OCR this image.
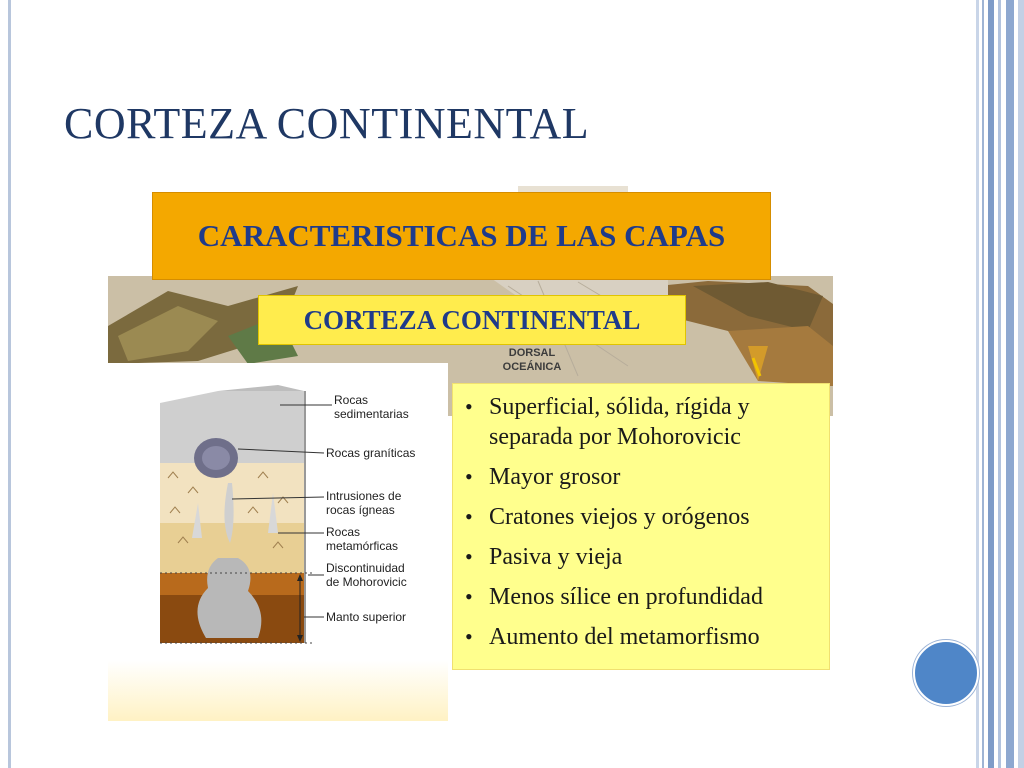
CORTEZA CONTINENTAL
CARACTERISTICAS DE LAS CAPAS
CORTEZA CONTINENTAL
DORSAL
OCEÁNICA
Rocas
sedimentarias
Rocas graníticas
Intrusiones de
rocas ígneas
Rocas
metamórficas
Discontinuidad
de Mohorovicic
Manto superior
• Superficial, sólida, rígida y separada por Mohorovicic
• Mayor grosor
• Cratones viejos y orógenos
• Pasiva y vieja
• Menos sílice en profundidad
• Aumento del metamorfismo
